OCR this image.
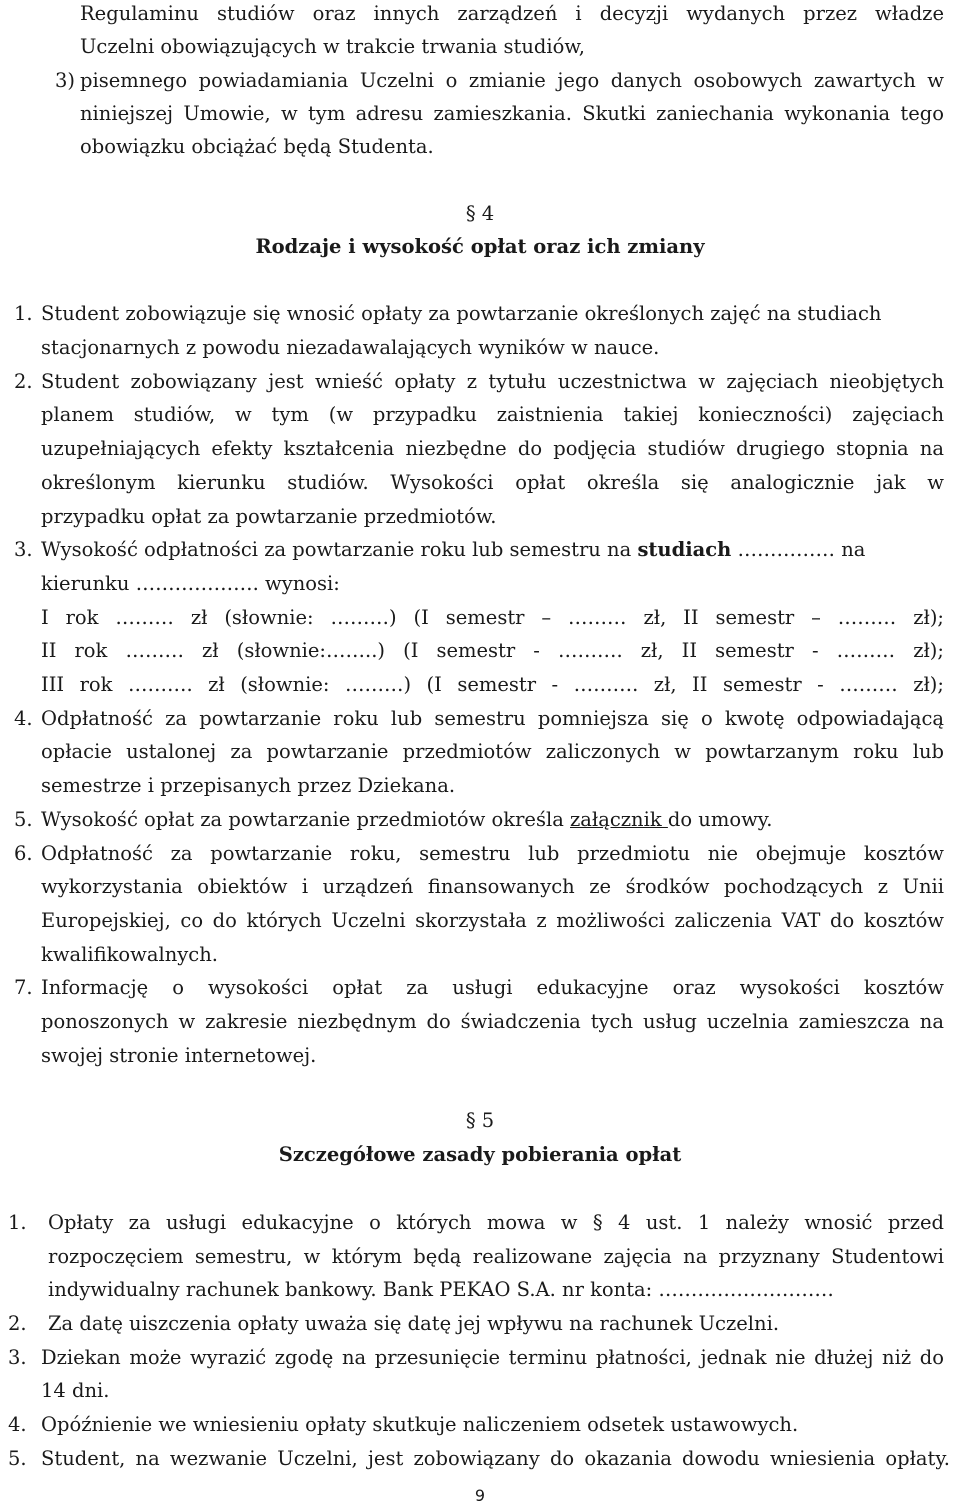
Regulaminu studiów oraz innych zarządzeń i decyzji wydanych przez władze
Uczelni obowiązujących w trakcie trwania studiów,
3) pisemnego powiadamiania Uczelni o zmianie jego danych osobowych zawartych w
niniejszej Umowie, w tym adresu zamieszkania. Skutki zaniechania wykonania tego
obowiązku obciążać będą Studenta.
§ 4
Rodzaje i wysokość opłat oraz ich zmiany
1. Student zobowiązuje się wnosić opłaty za powtarzanie określonych zajęć na studiach
stacjonarnych z powodu niezadawalających wyników w nauce.
2. Student zobowiązany jest wnieść opłaty z tytułu uczestnictwa w zajęciach nieobjętych
planem studiów, w tym (w przypadku zaistnienia takiej konieczności) zajęciach
uzupełniających efekty kształcenia niezbędne do podjęcia studiów drugiego stopnia na
określonym kierunku studiów. Wysokości opłat określa się analogicznie jak w
przypadku opłat za powtarzanie przedmiotów.
3. Wysokość odpłatności za powtarzanie roku lub semestru na studiach …………… na
kierunku ………………. wynosi:
I rok ……… zł (słownie: ………) (I semestr – ……… zł, II semestr – ……… zł);
II rok ……… zł (słownie:……..) (I semestr - ………. zł, II semestr - ……… zł);
III rok ………. zł (słownie: ………) (I semestr - ………. zł, II semestr - ……… zł);
4. Odpłatność za powtarzanie roku lub semestru pomniejsza się o kwotę odpowiadającą
opłacie ustalonej za powtarzanie przedmiotów zaliczonych w powtarzanym roku lub
semestrze i przepisanych przez Dziekana.
5. Wysokość opłat za powtarzanie przedmiotów określa załącznik do umowy.
6. Odpłatność za powtarzanie roku, semestru lub przedmiotu nie obejmuje kosztów
wykorzystania obiektów i urządzeń finansowanych ze środków pochodzących z Unii
Europejskiej, co do których Uczelni skorzystała z możliwości zaliczenia VAT do kosztów
kwalifikowalnych.
7. Informację o wysokości opłat za usługi edukacyjne oraz wysokości kosztów
ponoszonych w zakresie niezbędnym do świadczenia tych usług uczelnia zamieszcza na
swojej stronie internetowej.
§ 5
Szczegółowe zasady pobierania opłat
1.	Opłaty za usługi edukacyjne o których mowa w § 4 ust. 1 należy wnosić przed
rozpoczęciem semestru, w którym będą realizowane zajęcia na przyznany Studentowi
indywidualny rachunek bankowy. Bank PEKAO S.A. nr konta: ………………………
2.	Za datę uiszczenia opłaty uważa się datę jej wpływu na rachunek Uczelni.
3. Dziekan może wyrazić zgodę na przesunięcie terminu płatności, jednak nie dłużej niż do
14 dni.
4. Opóźnienie we wniesieniu opłaty skutkuje naliczeniem odsetek ustawowych.
5. Student, na wezwanie Uczelni, jest zobowiązany do okazania dowodu wniesienia opłaty.
9
